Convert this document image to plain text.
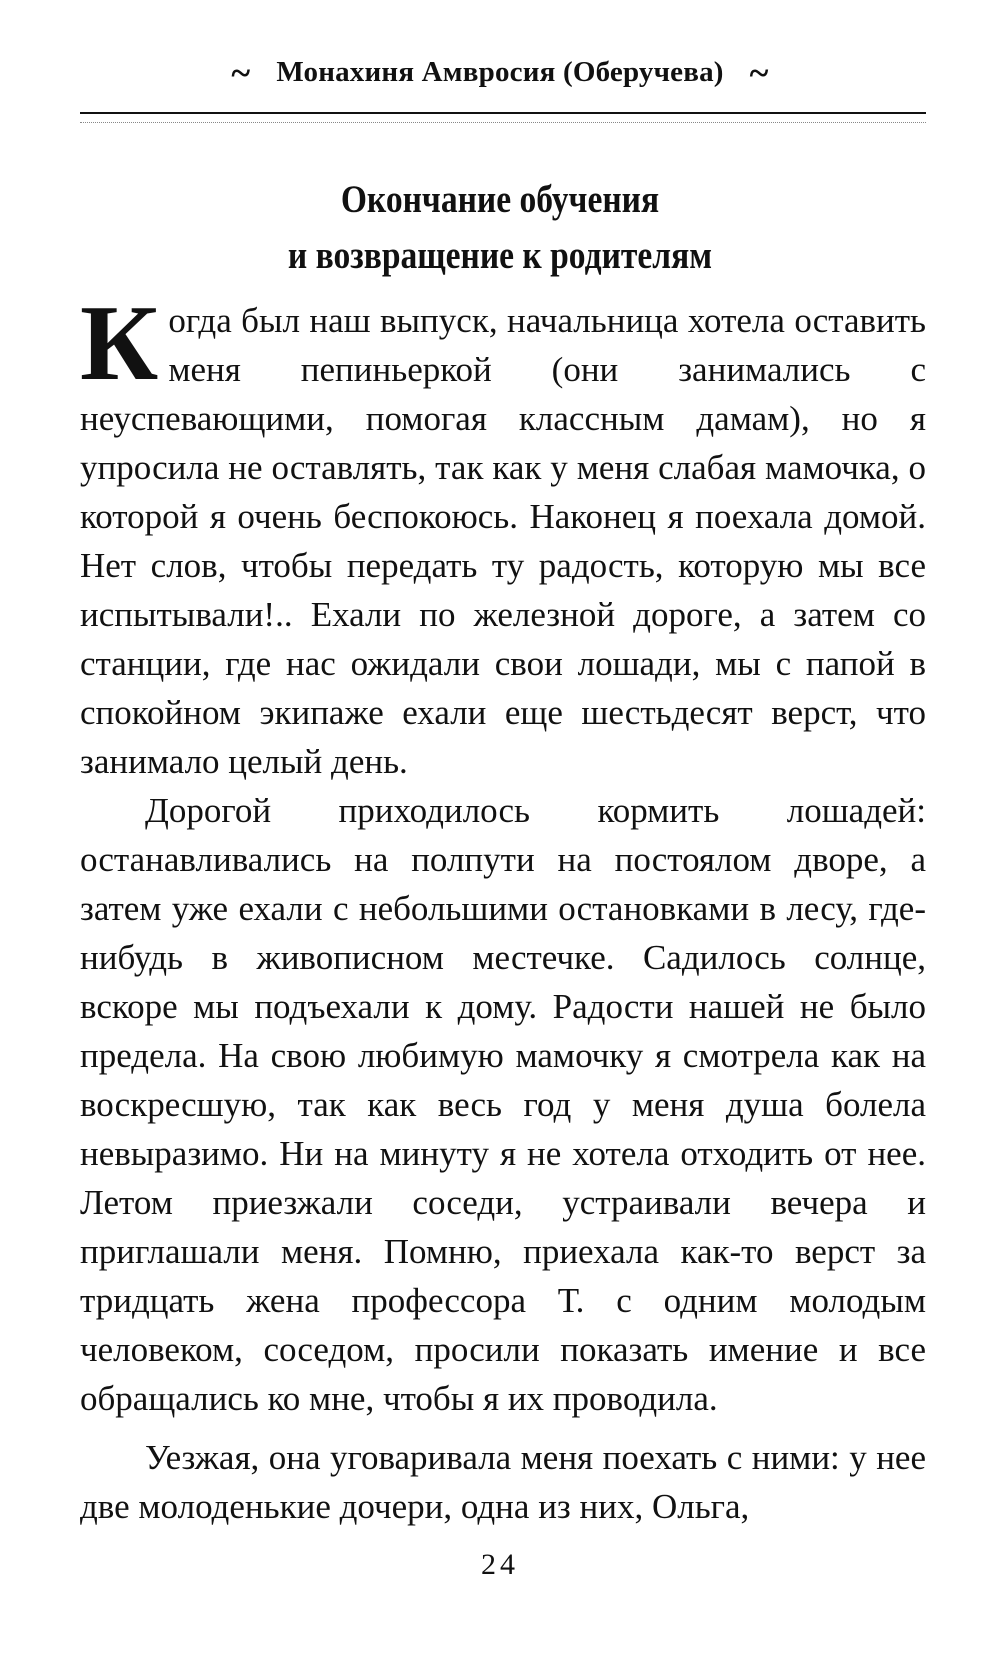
~ Монахиня Амвросия (Оберучева) ~
Окончание обучения
и возвращение к родителям

Когда был наш выпуск, начальница хотела оставить меня пепиньеркой (они занимались с неуспевающими, помогая классным дамам), но я упросила не оставлять, так как у меня слабая мамочка, о которой я очень беспокоюсь. Наконец я поехала домой. Нет слов, чтобы передать ту радость, которую мы все испытывали!.. Ехали по железной дороге, а затем со станции, где нас ожидали свои лошади, мы с папой в спокойном экипаже ехали еще шестьдесят верст, что занимало целый день.

Дорогой приходилось кормить лошадей: останавливались на полпути на постоялом дворе, а затем уже ехали с небольшими остановками в лесу, где-нибудь в живописном местечке. Садилось солнце, вскоре мы подъехали к дому. Радости нашей не было предела. На свою любимую мамочку я смотрела как на воскресшую, так как весь год у меня душа болела невыразимо. Ни на минуту я не хотела отходить от нее. Летом приезжали соседи, устраивали вечера и приглашали меня. Помню, приехала как-то верст за тридцать жена профессора Т. с одним молодым человеком, соседом, просили показать имение и все обращались ко мне, чтобы я их проводила.

Уезжая, она уговаривала меня поехать с ними: у нее две молоденькие дочери, одна из них, Ольга,

24
